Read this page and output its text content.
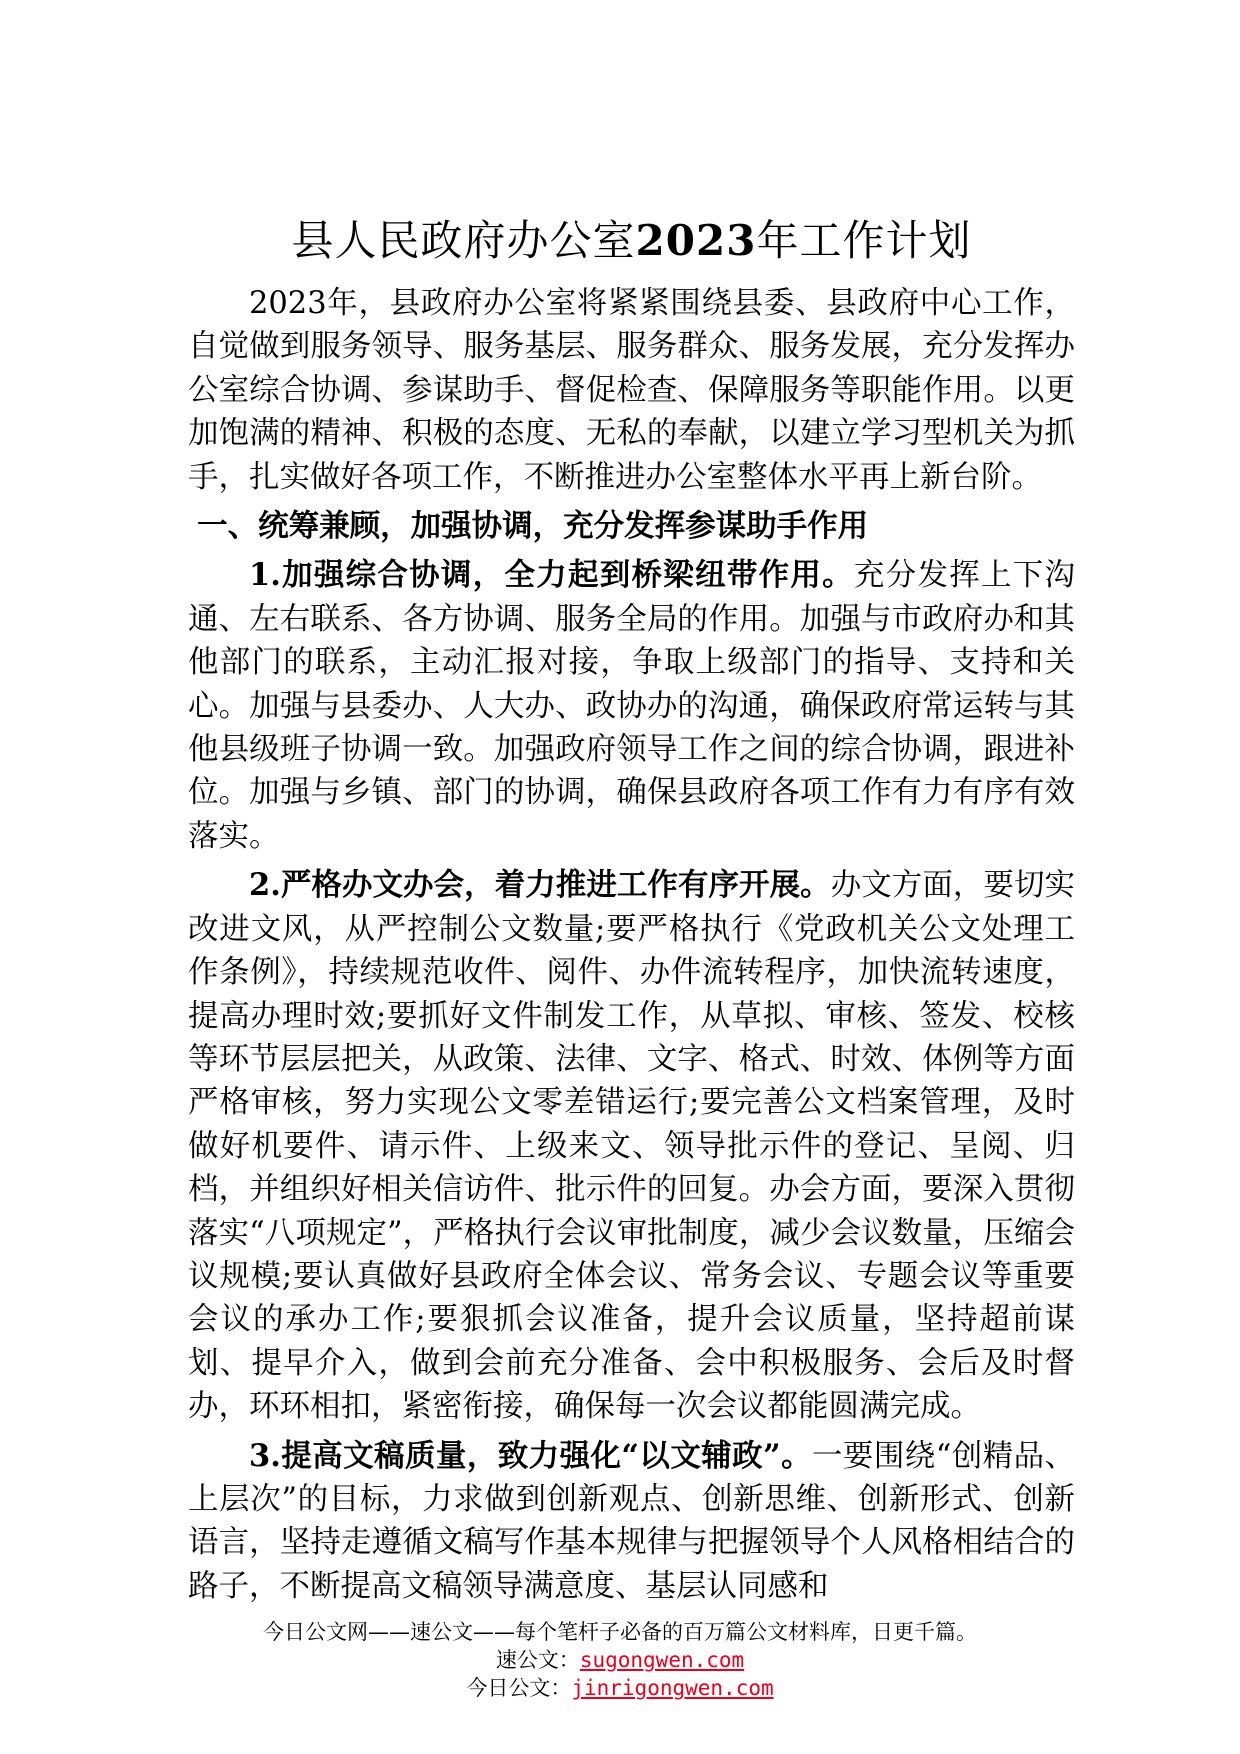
县人民政府办公室2023年工作计划

2023年，县政府办公室将紧紧围绕县委、县政府中心工作，自觉做到服务领导、服务基层、服务群众、服务发展，充分发挥办公室综合协调、参谋助手、督促检查、保障服务等职能作用。以更加饱满的精神、积极的态度、无私的奉献，以建立学习型机关为抓手，扎实做好各项工作，不断推进办公室整体水平再上新台阶。

一、统筹兼顾，加强协调，充分发挥参谋助手作用

1.加强综合协调，全力起到桥梁纽带作用。充分发挥上下沟通、左右联系、各方协调、服务全局的作用。加强与市政府办和其他部门的联系，主动汇报对接，争取上级部门的指导、支持和关心。加强与县委办、人大办、政协办的沟通，确保政府常运转与其他县级班子协调一致。加强政府领导工作之间的综合协调，跟进补位。加强与乡镇、部门的协调，确保县政府各项工作有力有序有效落实。

2.严格办文办会，着力推进工作有序开展。办文方面，要切实改进文风，从严控制公文数量;要严格执行《党政机关公文处理工作条例》，持续规范收件、阅件、办件流转程序，加快流转速度，提高办理时效;要抓好文件制发工作，从草拟、审核、签发、校核等环节层层把关，从政策、法律、文字、格式、时效、体例等方面严格审核，努力实现公文零差错运行;要完善公文档案管理，及时做好机要件、请示件、上级来文、领导批示件的登记、呈阅、归档，并组织好相关信访件、批示件的回复。办会方面，要深入贯彻落实“八项规定”，严格执行会议审批制度，减少会议数量，压缩会议规模;要认真做好县政府全体会议、常务会议、专题会议等重要会议的承办工作;要狠抓会议准备，提升会议质量，坚持超前谋划、提早介入，做到会前充分准备、会中积极服务、会后及时督办，环环相扣，紧密衔接，确保每一次会议都能圆满完成。

3.提高文稿质量，致力强化“以文辅政”。一要围绕“创精品、上层次”的目标，力求做到创新观点、创新思维、创新形式、创新语言，坚持走遵循文稿写作基本规律与把握领导个人风格相结合的路子，不断提高文稿领导满意度、基层认同感和

今日公文网——速公文——每个笔杆子必备的百万篇公文材料库，日更千篇。
速公文：sugongwen.com
今日公文：jinrigongwen.com
